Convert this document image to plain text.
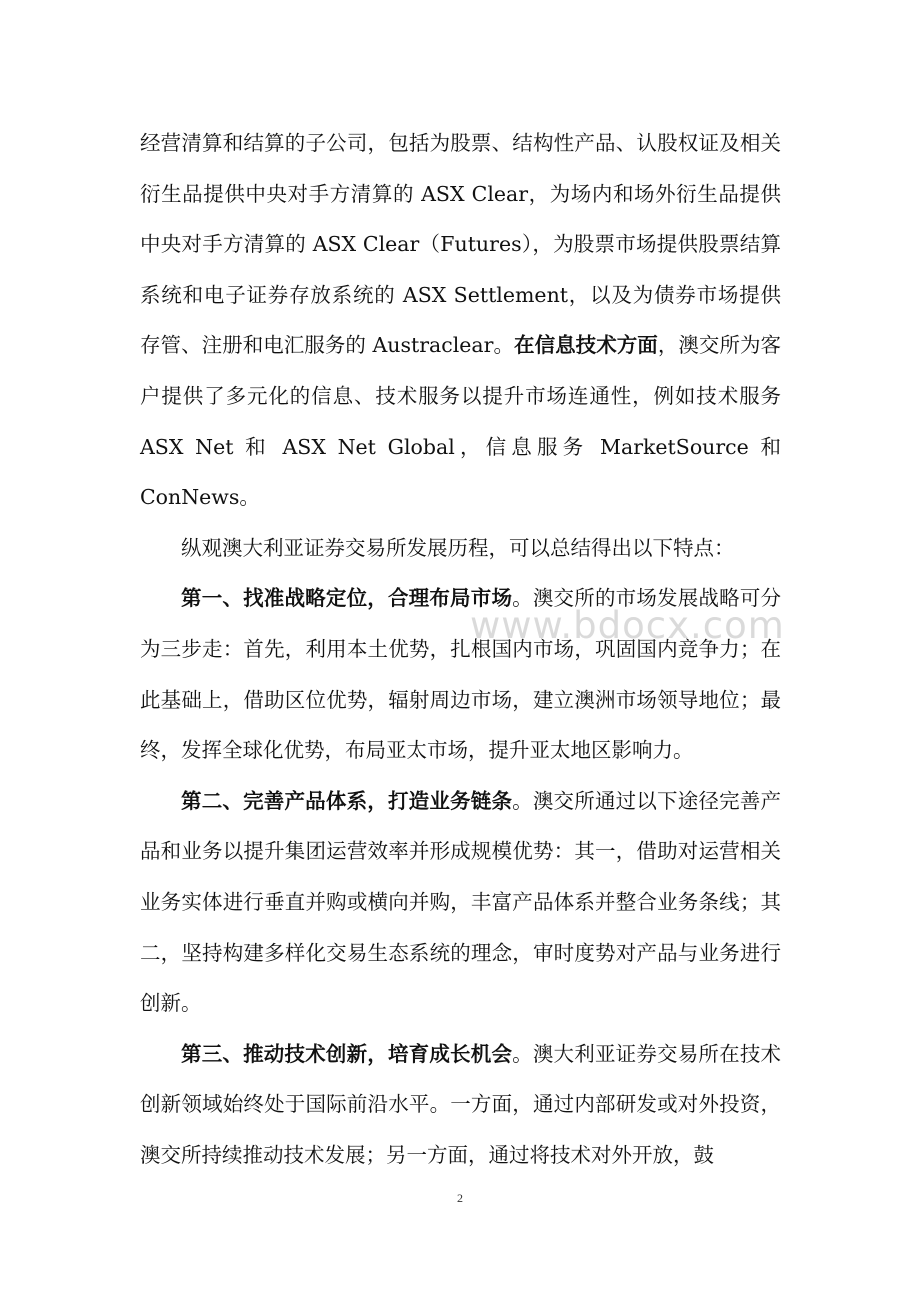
经营清算和结算的子公司，包括为股票、结构性产品、认股权证及相关衍生品提供中央对手方清算的 ASX Clear，为场内和场外衍生品提供中央对手方清算的 ASX Clear（Futures），为股票市场提供股票结算系统和电子证券存放系统的 ASX Settlement，以及为债券市场提供存管、注册和电汇服务的 Austraclear。在信息技术方面，澳交所为客户提供了多元化的信息、技术服务以提升市场连通性，例如技术服务 ASX Net 和 ASX Net Global，信息服务 MarketSource 和 ConNews。

纵观澳大利亚证券交易所发展历程，可以总结得出以下特点：

第一、找准战略定位，合理布局市场。澳交所的市场发展战略可分为三步走：首先，利用本土优势，扎根国内市场，巩固国内竞争力；在此基础上，借助区位优势，辐射周边市场，建立澳洲市场领导地位；最终，发挥全球化优势，布局亚太市场，提升亚太地区影响力。

第二、完善产品体系，打造业务链条。澳交所通过以下途径完善产品和业务以提升集团运营效率并形成规模优势：其一，借助对运营相关业务实体进行垂直并购或横向并购，丰富产品体系并整合业务条线；其二，坚持构建多样化交易生态系统的理念，审时度势对产品与业务进行创新。

第三、推动技术创新，培育成长机会。澳大利亚证券交易所在技术创新领域始终处于国际前沿水平。一方面，通过内部研发或对外投资，澳交所持续推动技术发展；另一方面，通过将技术对外开放，鼓

www.bdocx.com
2
